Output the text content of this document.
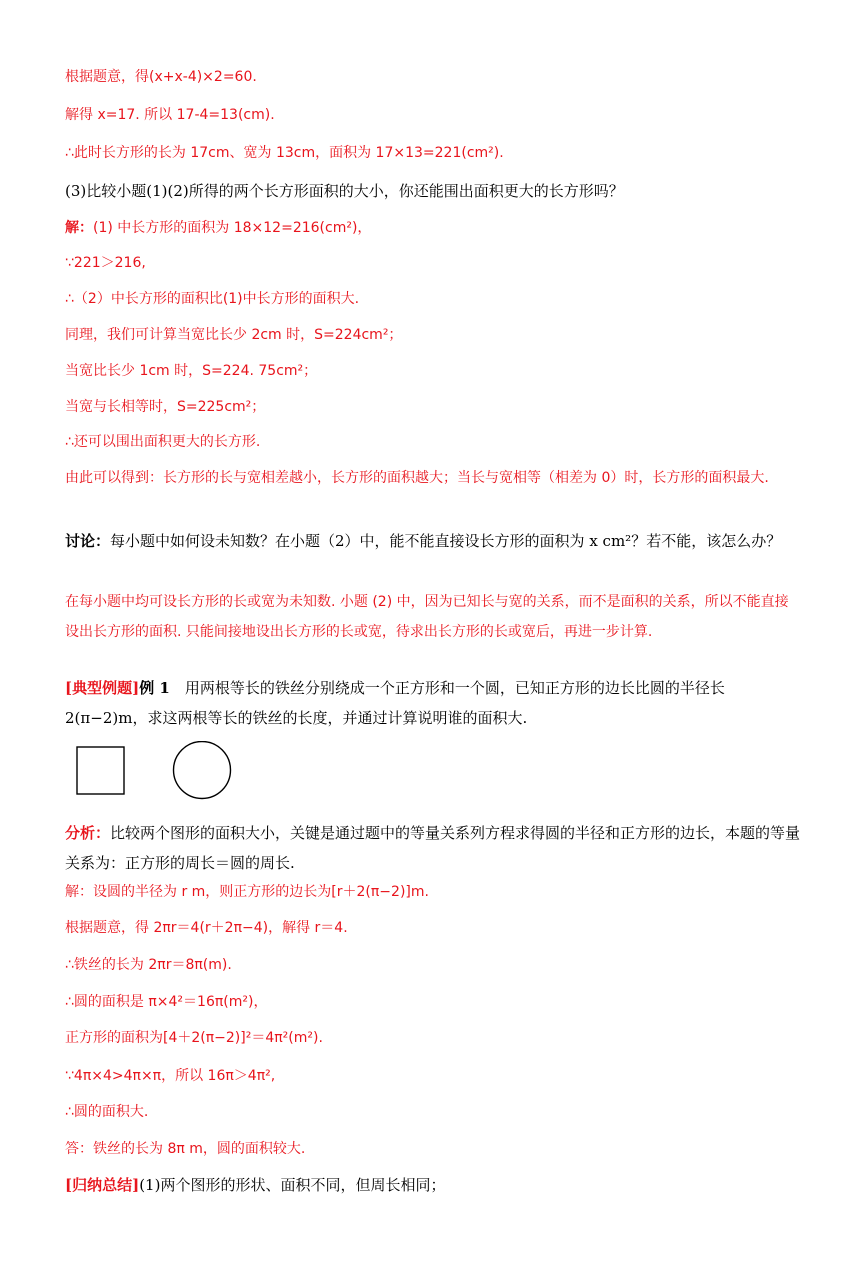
根据题意，得(x+x-4)×2=60.
解得 x=17. 所以 17-4=13(cm).
∴此时长方形的长为 17cm、宽为 13cm，面积为 17×13=221(cm²).
(3)比较小题(1)(2)所得的两个长方形面积的大小，你还能围出面积更大的长方形吗？
解：(1) 中长方形的面积为 18×12=216(cm²)，
∵221＞216,
∴（2）中长方形的面积比(1)中长方形的面积大.
同理，我们可计算当宽比长少 2cm 时，S=224cm²；
当宽比长少 1cm 时，S=224. 75cm²；
当宽与长相等时，S=225cm²；
∴还可以围出面积更大的长方形.
由此可以得到：长方形的长与宽相差越小，长方形的面积越大；当长与宽相等（相差为 0）时，长方形的面积最大.
讨论：每小题中如何设未知数？在小题（2）中，能不能直接设长方形的面积为 x cm²？若不能，该怎么办？
在每小题中均可设长方形的长或宽为未知数. 小题 (2) 中，因为已知长与宽的关系，而不是面积的关系，所以不能直接设出长方形的面积. 只能间接地设出长方形的长或宽，待求出长方形的长或宽后，再进一步计算.
[典型例题]例 1　用两根等长的铁丝分别绕成一个正方形和一个圆，已知正方形的边长比圆的半径长 2(π−2)m，求这两根等长的铁丝的长度，并通过计算说明谁的面积大.
分析：比较两个图形的面积大小，关键是通过题中的等量关系列方程求得圆的半径和正方形的边长，本题的等量关系为：正方形的周长＝圆的周长.
解：设圆的半径为 r m，则正方形的边长为[r＋2(π−2)]m.
根据题意，得 2πr＝4(r＋2π−4)，解得 r＝4.
∴铁丝的长为 2πr＝8π(m).
∴圆的面积是 π×4²＝16π(m²)，
正方形的面积为[4＋2(π−2)]²＝4π²(m²).
∵4π×4>4π×π，所以 16π＞4π²,
∴圆的面积大.
答：铁丝的长为 8π m，圆的面积较大.
[归纳总结](1)两个图形的形状、面积不同，但周长相同；
